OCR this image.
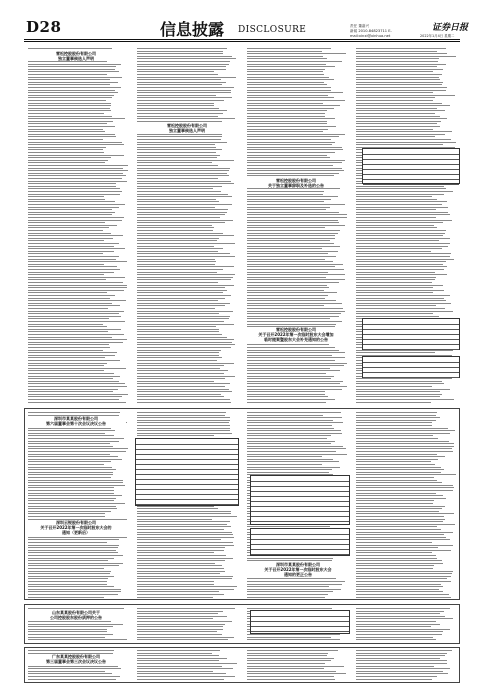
D28	信息披露 DISCLOSURE	责任 董嘉兴
新闻 2010-84823711 E-mail:xinxi@xinhua.net
证券日报
2022年1月4日 星期二
雪松控股股份有限公司
独立董事候选人声明
雪松控股股份有限公司
独立董事候选人声明
雪松控股股份有限公司
关于独立董事辞职及补选的公告
雪松控股股份有限公司
关于召开2022年第一次临时股东大会增加
临时提案暨股东大会补充通知的公告
深圳市某某股份有限公司
第六届董事会第十次会议决议公告
深圳云锐股份有限公司
关于召开2022年第一次临时股东大会的
通知（更新后）
深圳市某某股份有限公司
关于召开2022年第一次临时股东大会
通知的更正公告
山东某某股份有限公司关于
公司控股股东股份质押的公告
广东某某控股股份有限公司
第三届董事会第三次会议决议公告
